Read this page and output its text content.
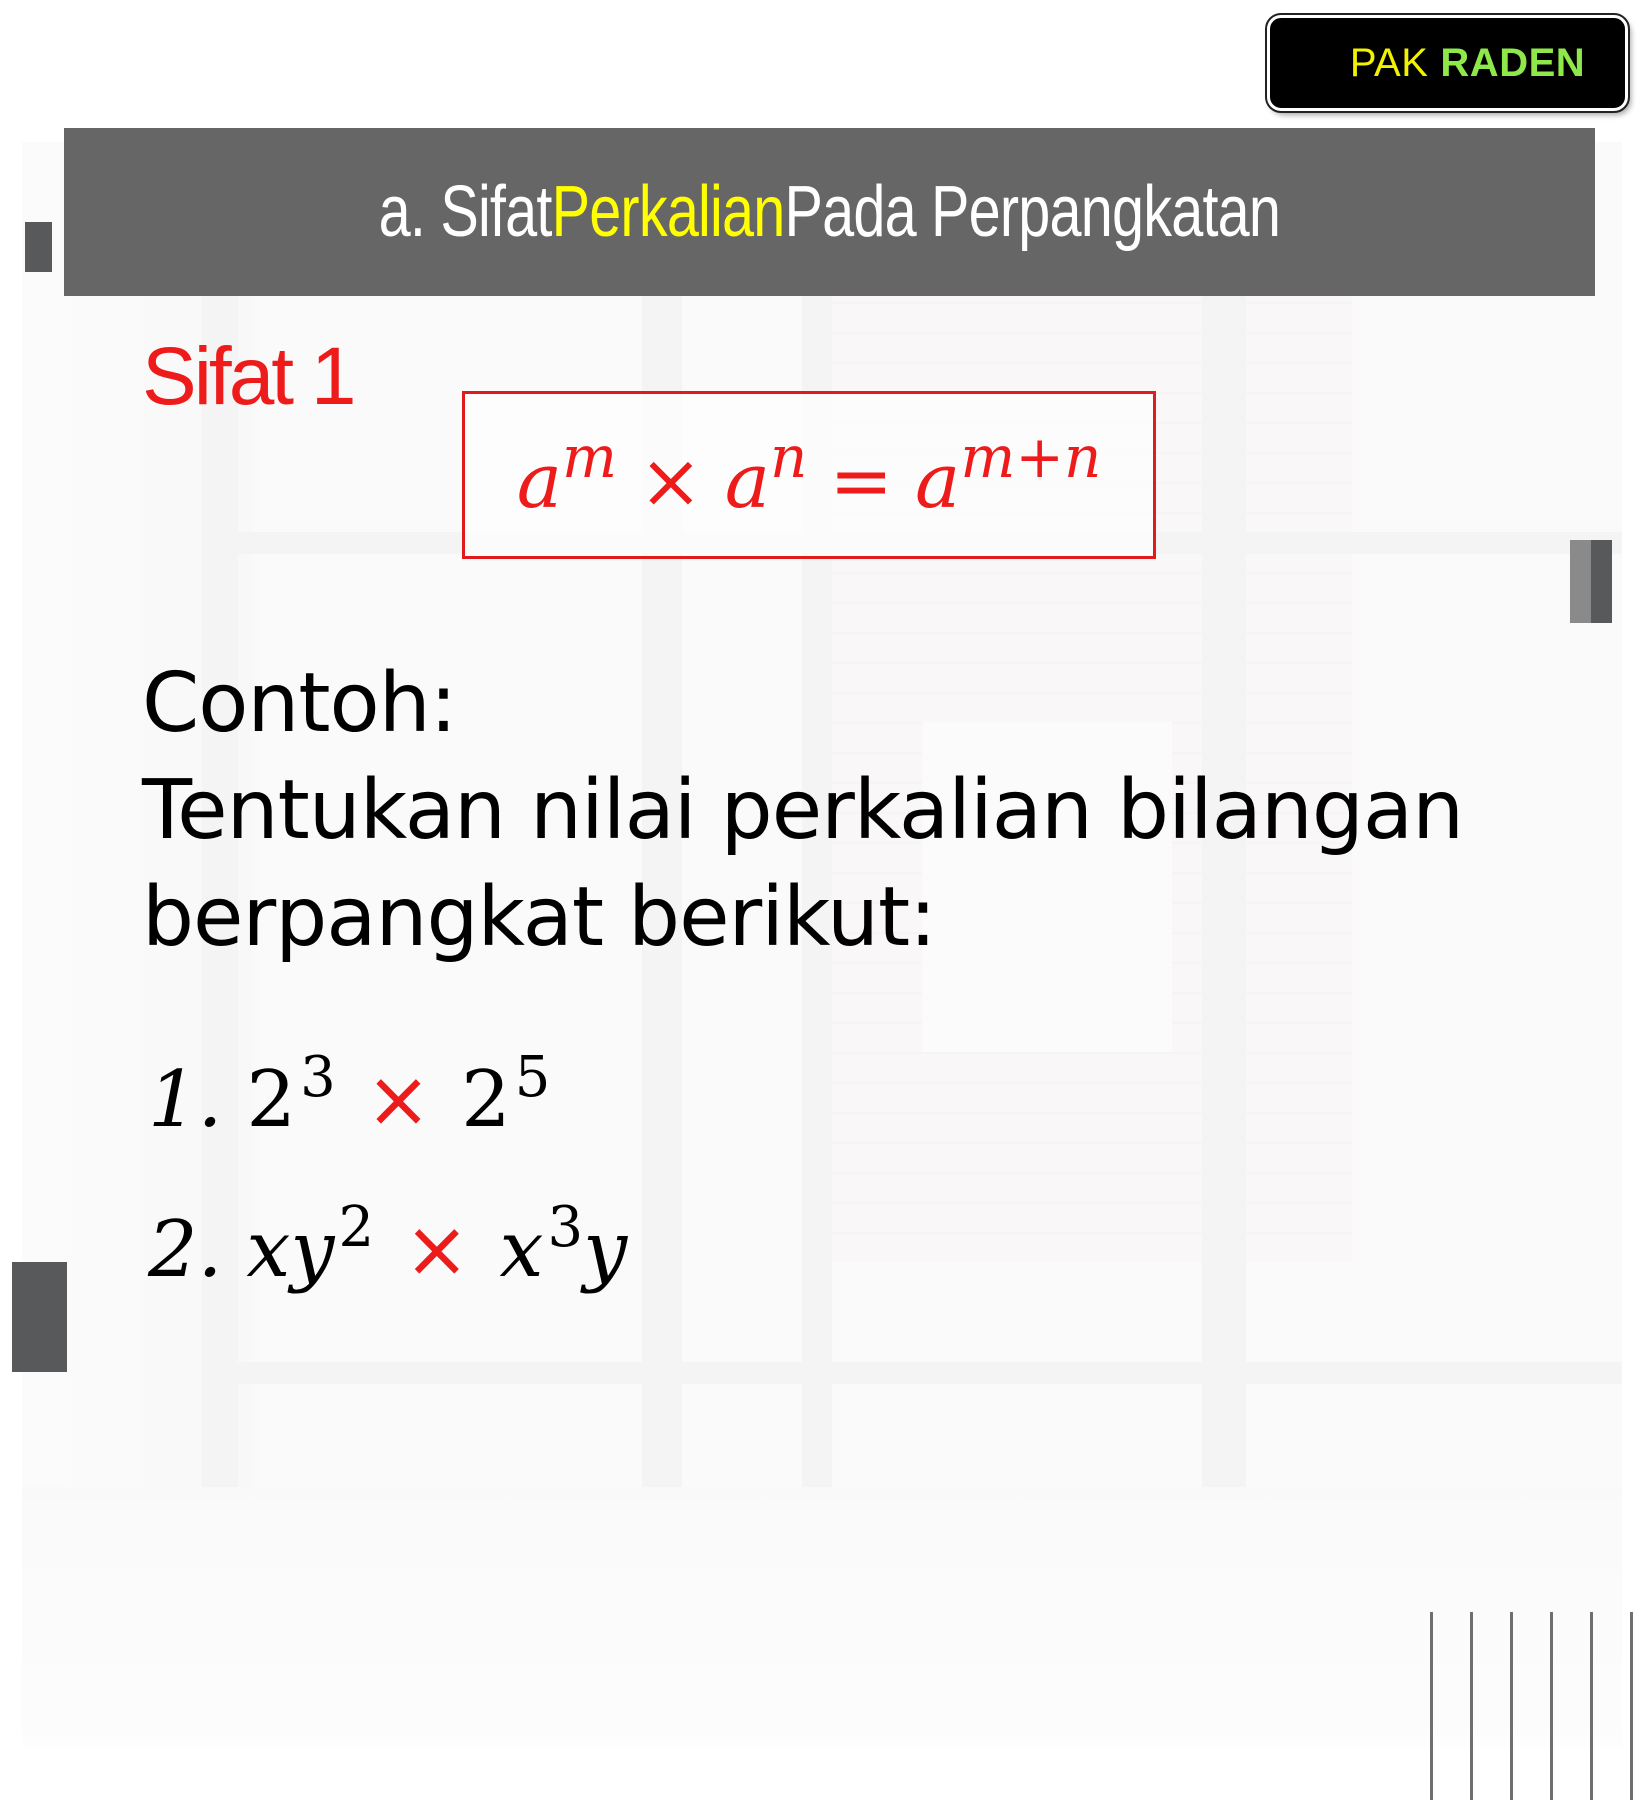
PAK RADEN
a. SifatPerkalianPada Perpangkatan
Sifat 1
$a^m \times a^n = a^{m+n}$
Contoh:
Tentukan nilai perkalian bilangan
berpangkat berikut:
1. $2^3 \times 2^5$
2. $xy^2 \times x^3y$
